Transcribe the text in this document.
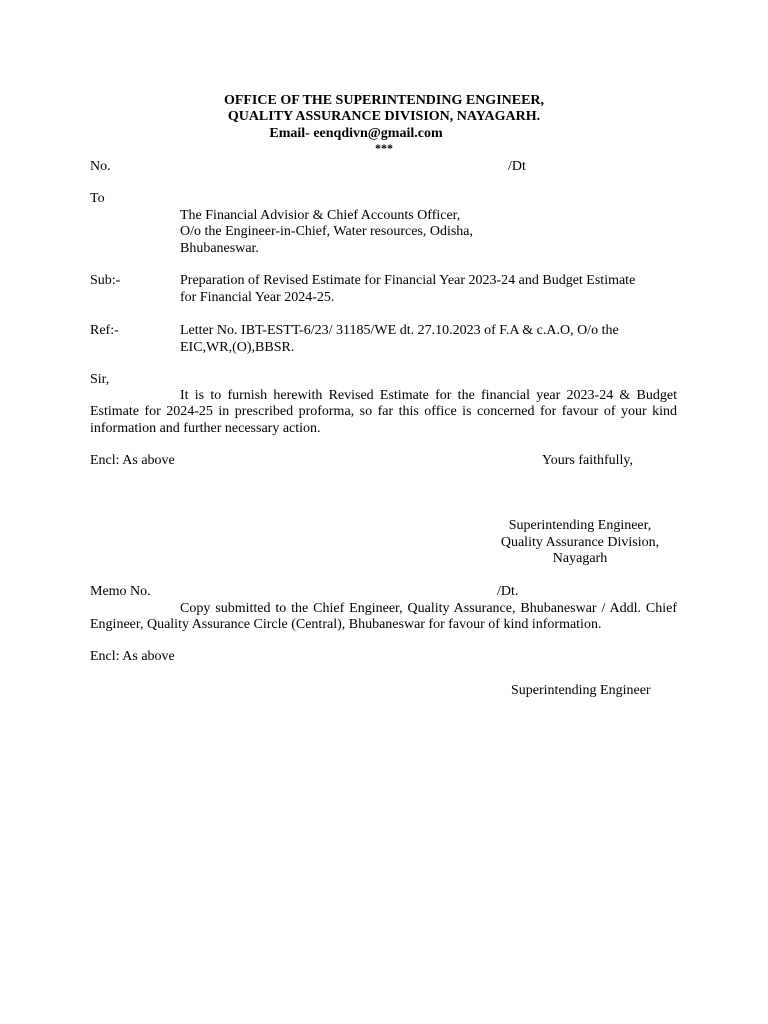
OFFICE OF THE SUPERINTENDING ENGINEER,
QUALITY ASSURANCE DIVISION, NAYAGARH.
Email- eenqdivn@gmail.com
***
No.	/Dt
To
The Financial Advisior & Chief Accounts Officer,
O/o the Engineer-in-Chief, Water resources, Odisha,
Bhubaneswar.
Sub:-	Preparation of Revised Estimate for Financial Year 2023-24 and Budget Estimate
for Financial Year 2024-25.
Ref:-	Letter No. IBT-ESTT-6/23/ 31185/WE dt. 27.10.2023 of F.A & c.A.O, O/o the
EIC,WR,(O),BBSR.
Sir,
It is to furnish herewith Revised Estimate for the financial year 2023-24 & Budget Estimate for 2024-25 in prescribed proforma, so far this office is concerned for favour of your kind information and further necessary action.
Encl: As above	Yours faithfully,
Superintending Engineer,
Quality Assurance Division,
Nayagarh
Memo No.	/Dt.
Copy submitted to the Chief Engineer, Quality Assurance, Bhubaneswar / Addl. Chief Engineer, Quality Assurance Circle (Central), Bhubaneswar for favour of kind information.
Encl: As above
Superintending Engineer
